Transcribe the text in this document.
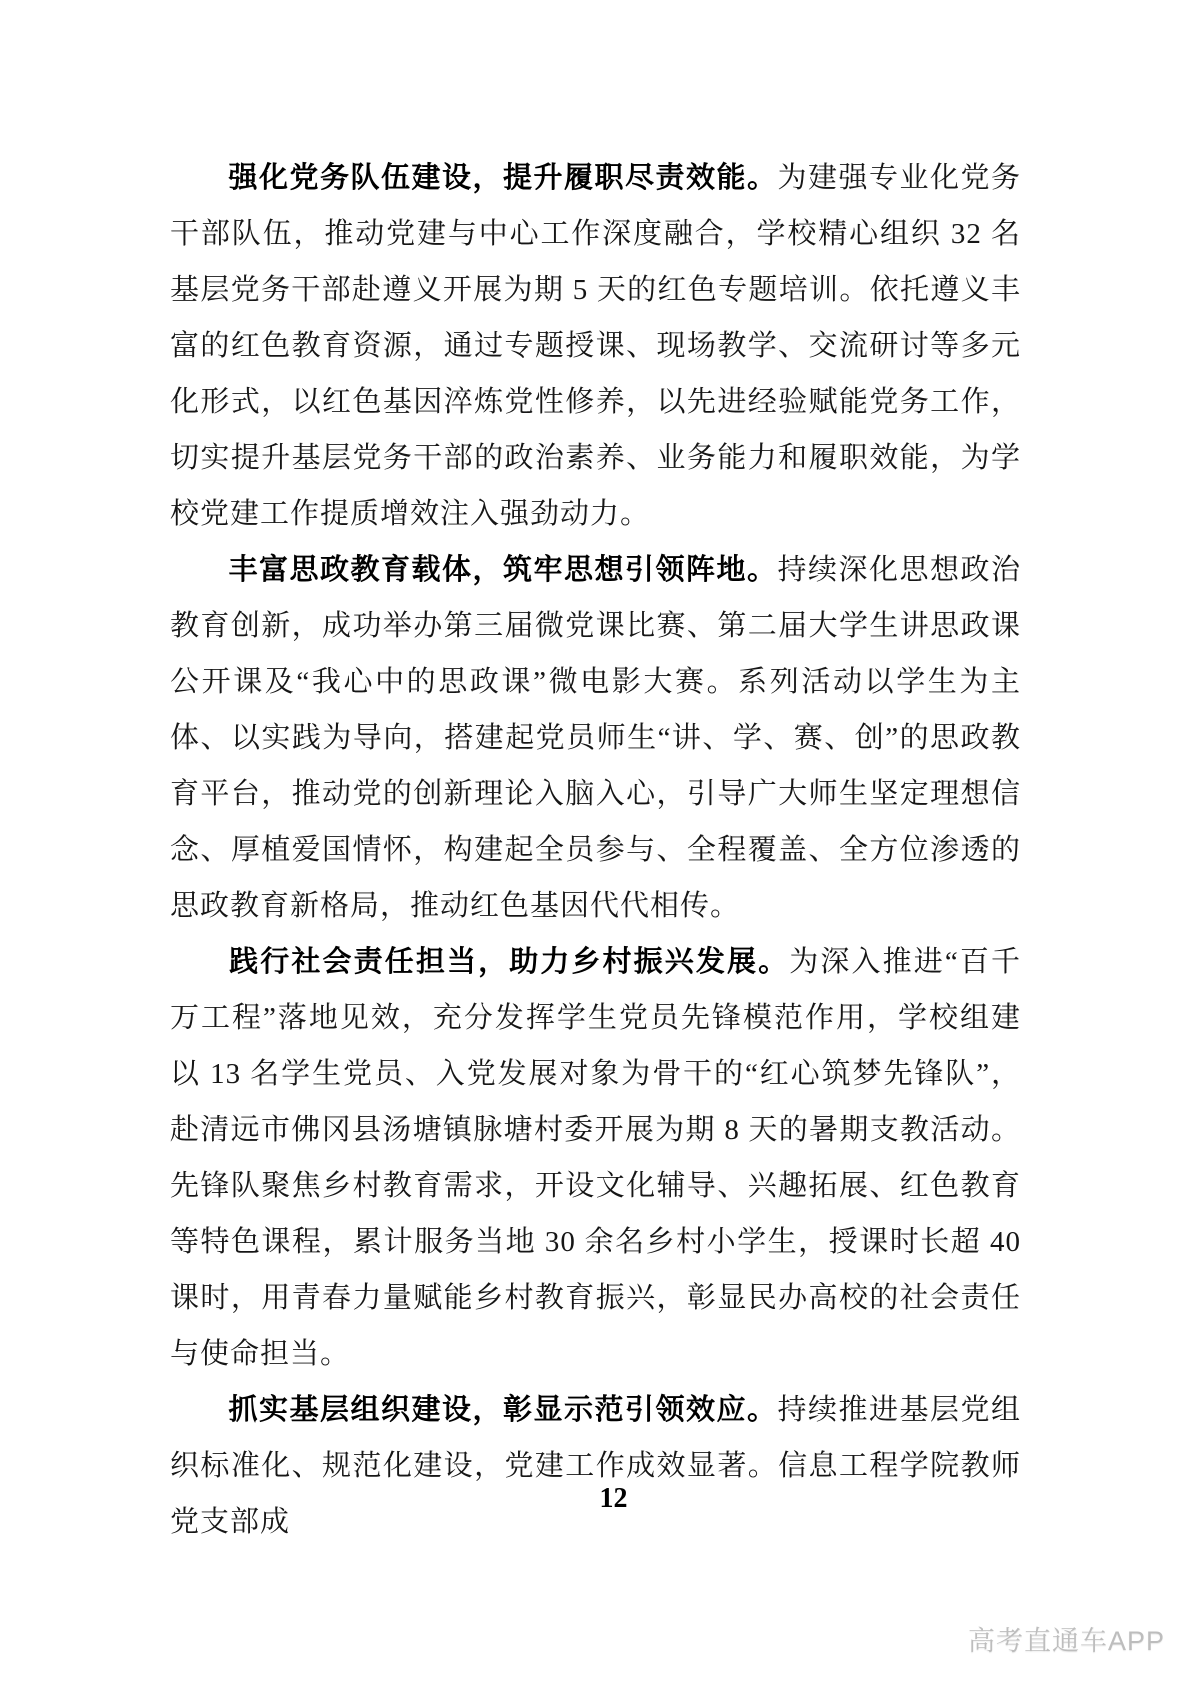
强化党务队伍建设，提升履职尽责效能。为建强专业化党务干部队伍，推动党建与中心工作深度融合，学校精心组织 32 名基层党务干部赴遵义开展为期 5 天的红色专题培训。依托遵义丰富的红色教育资源，通过专题授课、现场教学、交流研讨等多元化形式，以红色基因淬炼党性修养，以先进经验赋能党务工作，切实提升基层党务干部的政治素养、业务能力和履职效能，为学校党建工作提质增效注入强劲动力。

丰富思政教育载体，筑牢思想引领阵地。持续深化思想政治教育创新，成功举办第三届微党课比赛、第二届大学生讲思政课公开课及“我心中的思政课”微电影大赛。系列活动以学生为主体、以实践为导向，搭建起党员师生“讲、学、赛、创”的思政教育平台，推动党的创新理论入脑入心，引导广大师生坚定理想信念、厚植爱国情怀，构建起全员参与、全程覆盖、全方位渗透的思政教育新格局，推动红色基因代代相传。

践行社会责任担当，助力乡村振兴发展。为深入推进“百千万工程”落地见效，充分发挥学生党员先锋模范作用，学校组建以 13 名学生党员、入党发展对象为骨干的“红心筑梦先锋队”，赴清远市佛冈县汤塘镇脉塘村委开展为期 8 天的暑期支教活动。先锋队聚焦乡村教育需求，开设文化辅导、兴趣拓展、红色教育等特色课程，累计服务当地 30 余名乡村小学生，授课时长超 40 课时，用青春力量赋能乡村教育振兴，彰显民办高校的社会责任与使命担当。

抓实基层组织建设，彰显示范引领效应。持续推进基层党组织标准化、规范化建设，党建工作成效显著。信息工程学院教师党支部成

12
高考直通车APP
